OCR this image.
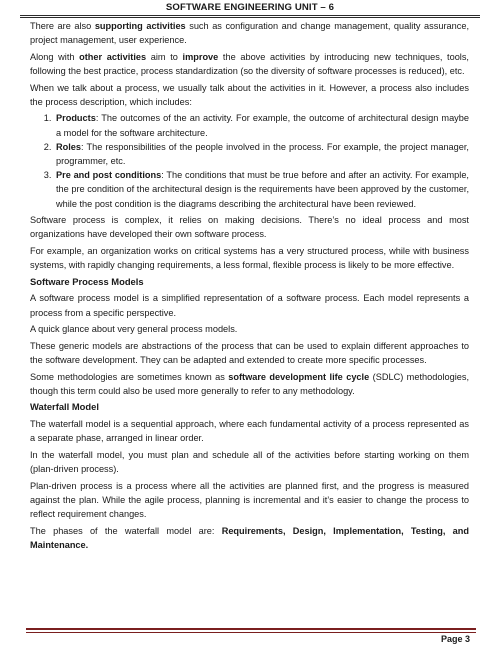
SOFTWARE ENGINEERING UNIT – 6

There are also supporting activities such as configuration and change management, quality assurance, project management, user experience.

Along with other activities aim to improve the above activities by introducing new techniques, tools, following the best practice, process standardization (so the diversity of software processes is reduced), etc.

When we talk about a process, we usually talk about the activities in it. However, a process also includes the process description, which includes:

1. Products: The outcomes of the an activity. For example, the outcome of architectural design maybe a model for the software architecture.
2. Roles: The responsibilities of the people involved in the process. For example, the project manager, programmer, etc.
3. Pre and post conditions: The conditions that must be true before and after an activity. For example, the pre condition of the architectural design is the requirements have been approved by the customer, while the post condition is the diagrams describing the architectural have been reviewed.

Software process is complex, it relies on making decisions. There’s no ideal process and most organizations have developed their own software process.

For example, an organization works on critical systems has a very structured process, while with business systems, with rapidly changing requirements, a less formal, flexible process is likely to be more effective.

Software Process Models

A software process model is a simplified representation of a software process. Each model represents a process from a specific perspective.

A quick glance about very general process models.

These generic models are abstractions of the process that can be used to explain different approaches to the software development. They can be adapted and extended to create more specific processes.

Some methodologies are sometimes known as software development life cycle (SDLC) methodologies, though this term could also be used more generally to refer to any methodology.

Waterfall Model

The waterfall model is a sequential approach, where each fundamental activity of a process represented as a separate phase, arranged in linear order.

In the waterfall model, you must plan and schedule all of the activities before starting working on them (plan-driven process).

Plan-driven process is a process where all the activities are planned first, and the progress is measured against the plan. While the agile process, planning is incremental and it’s easier to change the process to reflect requirement changes.

The phases of the waterfall model are: Requirements, Design, Implementation, Testing, and Maintenance.

Page 3
